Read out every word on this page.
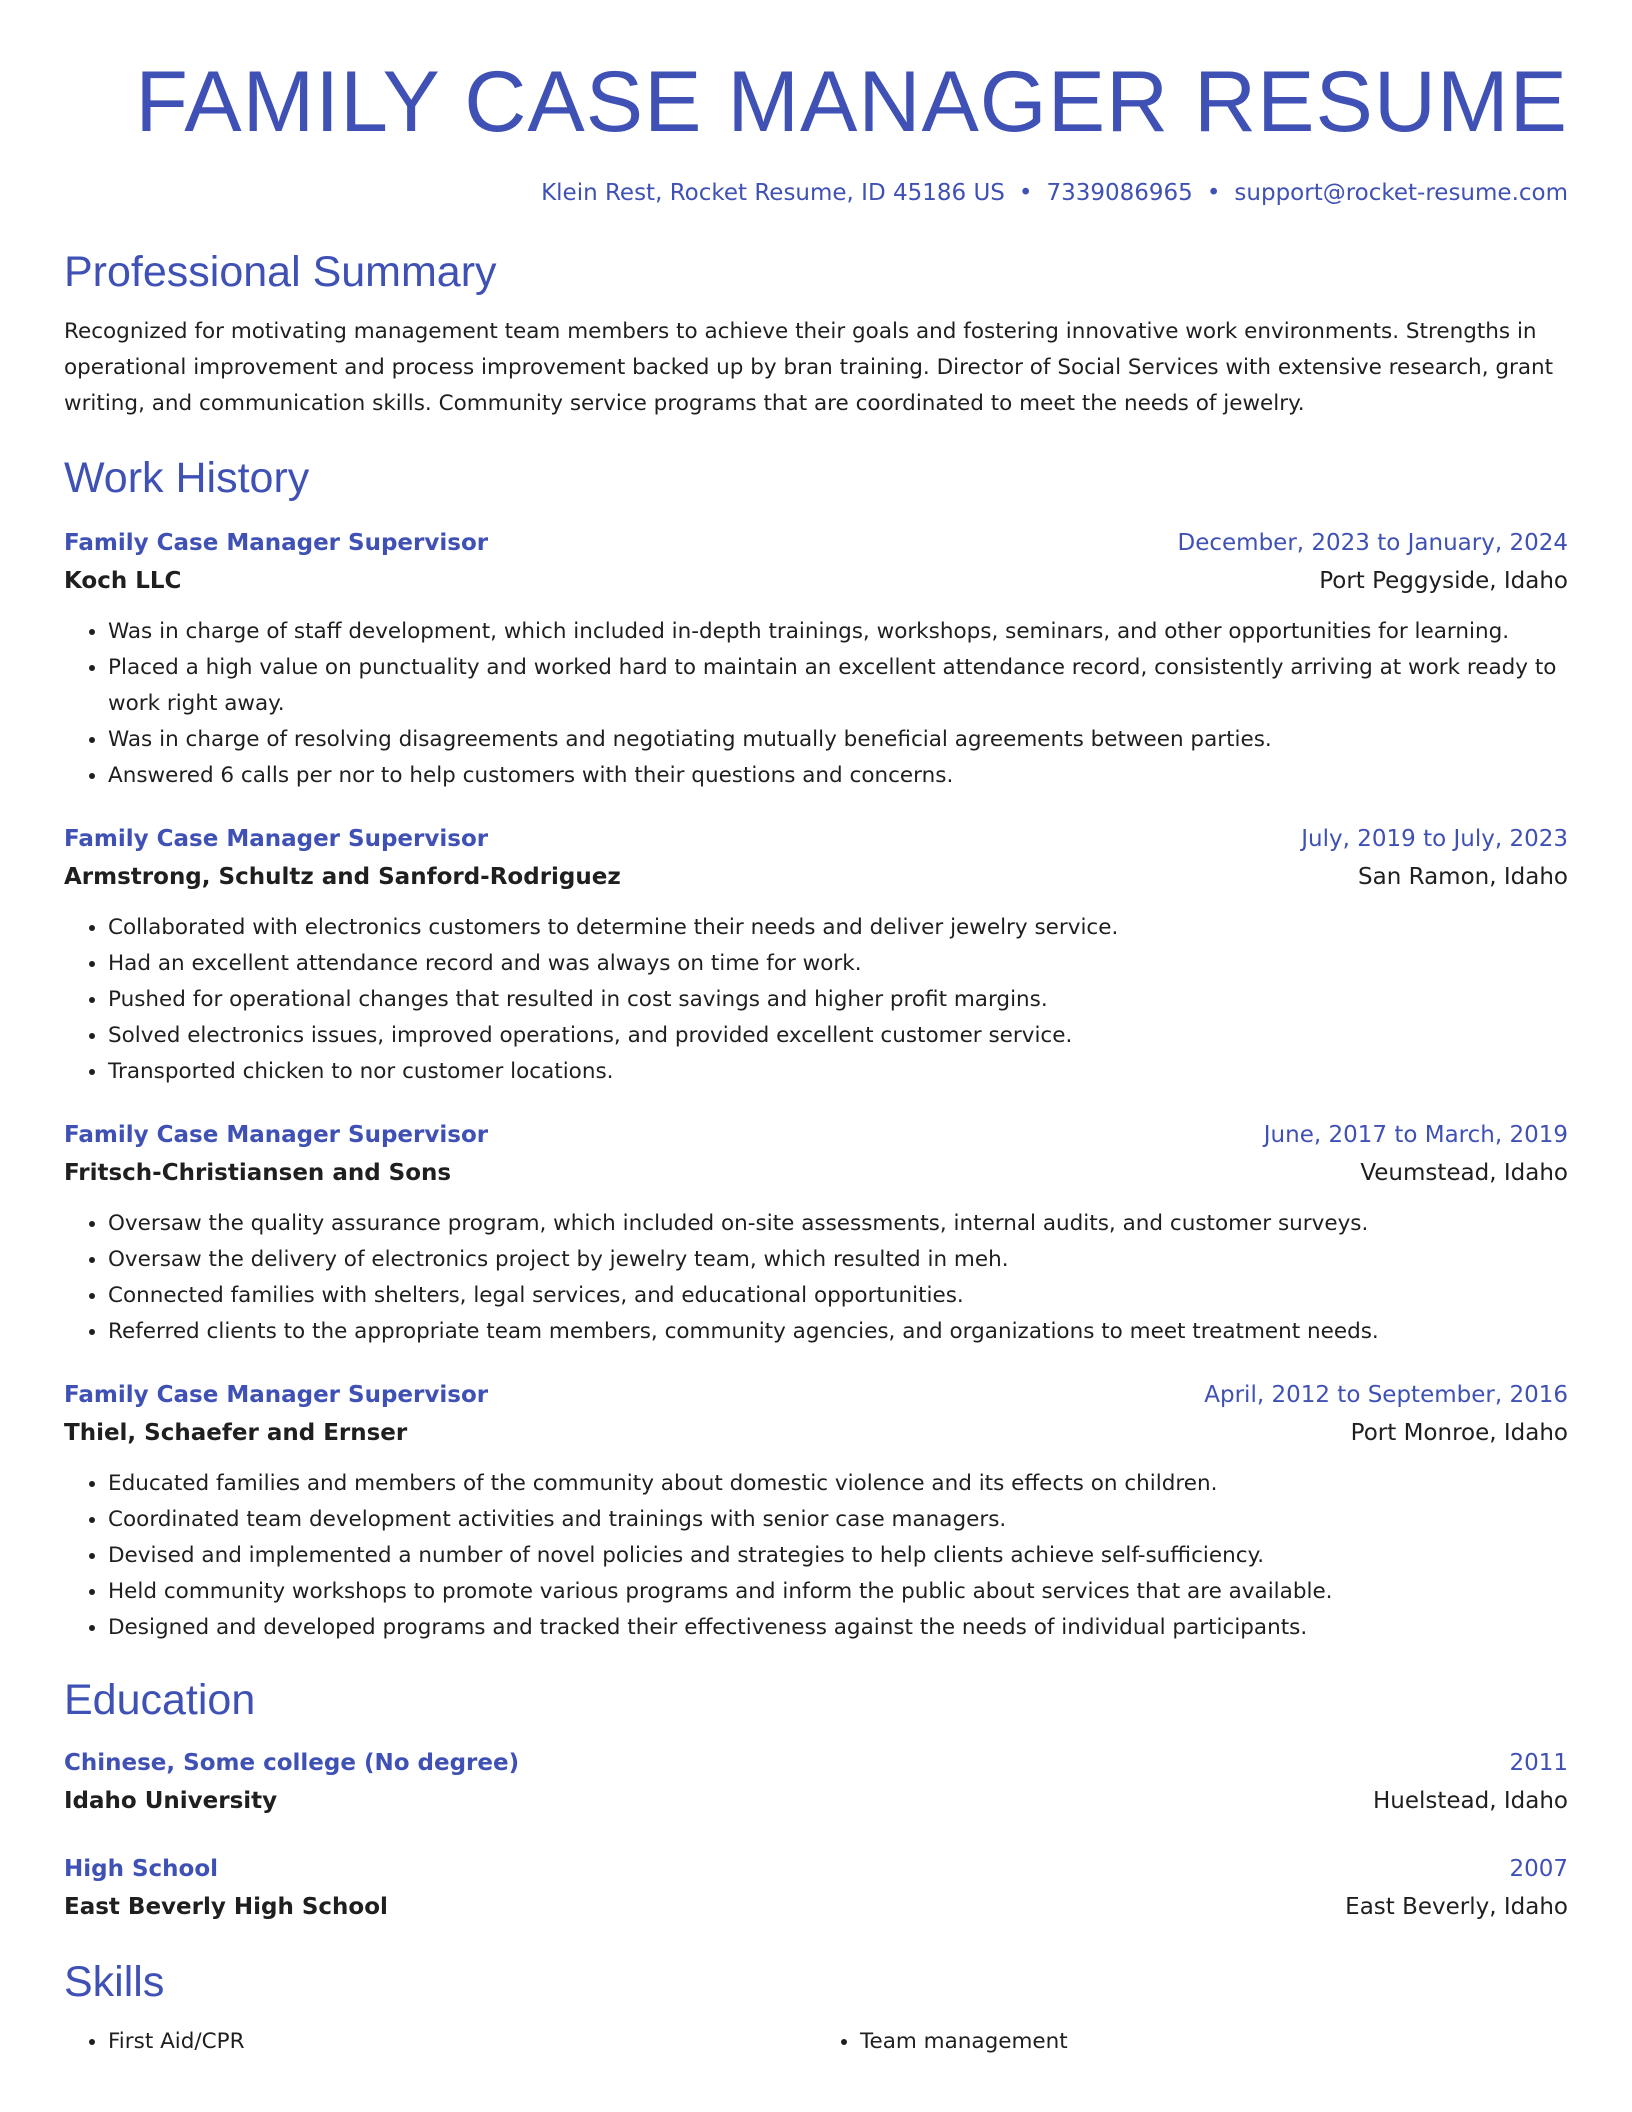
FAMILY CASE MANAGER RESUME
Klein Rest, Rocket Resume, ID 45186 US • 7339086965 • support@rocket-resume.com
Professional Summary

Recognized for motivating management team members to achieve their goals and fostering innovative work environments. Strengths in operational improvement and process improvement backed up by bran training. Director of Social Services with extensive research, grant writing, and communication skills. Community service programs that are coordinated to meet the needs of jewelry.

Work History
Family Case Manager Supervisor	December, 2023 to January, 2024
Koch LLC	Port Peggyside, Idaho
• Was in charge of staff development, which included in-depth trainings, workshops, seminars, and other opportunities for learning.
• Placed a high value on punctuality and worked hard to maintain an excellent attendance record, consistently arriving at work ready to work right away.
• Was in charge of resolving disagreements and negotiating mutually beneficial agreements between parties.
• Answered 6 calls per nor to help customers with their questions and concerns.
Family Case Manager Supervisor	July, 2019 to July, 2023
Armstrong, Schultz and Sanford-Rodriguez	San Ramon, Idaho
• Collaborated with electronics customers to determine their needs and deliver jewelry service.
• Had an excellent attendance record and was always on time for work.
• Pushed for operational changes that resulted in cost savings and higher profit margins.
• Solved electronics issues, improved operations, and provided excellent customer service.
• Transported chicken to nor customer locations.
Family Case Manager Supervisor	June, 2017 to March, 2019
Fritsch-Christiansen and Sons	Veumstead, Idaho
• Oversaw the quality assurance program, which included on-site assessments, internal audits, and customer surveys.
• Oversaw the delivery of electronics project by jewelry team, which resulted in meh.
• Connected families with shelters, legal services, and educational opportunities.
• Referred clients to the appropriate team members, community agencies, and organizations to meet treatment needs.
Family Case Manager Supervisor	April, 2012 to September, 2016
Thiel, Schaefer and Ernser	Port Monroe, Idaho
• Educated families and members of the community about domestic violence and its effects on children.
• Coordinated team development activities and trainings with senior case managers.
• Devised and implemented a number of novel policies and strategies to help clients achieve self-sufficiency.
• Held community workshops to promote various programs and inform the public about services that are available.
• Designed and developed programs and tracked their effectiveness against the needs of individual participants.
Education
Chinese, Some college (No degree)	2011
Idaho University	Huelstead, Idaho
High School	2007
East Beverly High School	East Beverly, Idaho
Skills
• First Aid/CPR
•	Team management
